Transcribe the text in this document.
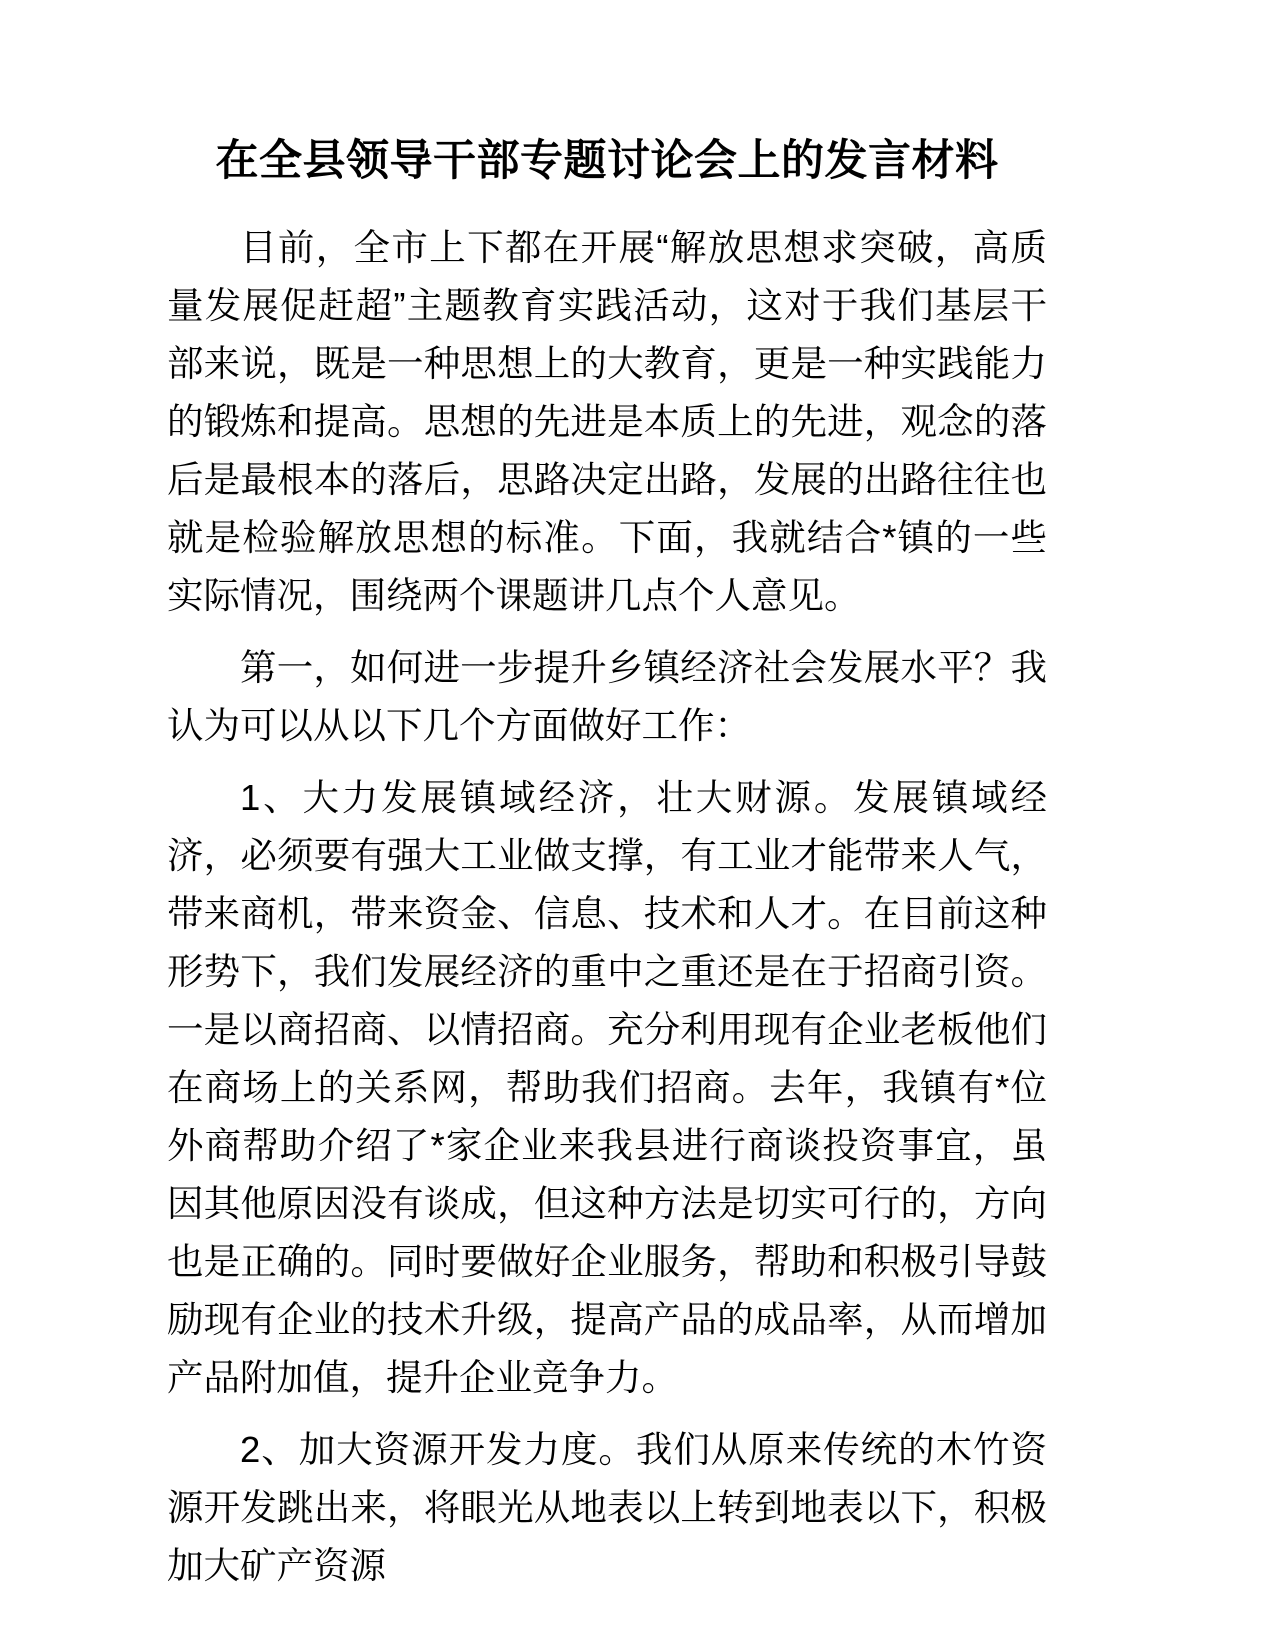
在全县领导干部专题讨论会上的发言材料

目前，全市上下都在开展“解放思想求突破，高质量发展促赶超”主题教育实践活动，这对于我们基层干部来说，既是一种思想上的大教育，更是一种实践能力的锻炼和提高。思想的先进是本质上的先进，观念的落后是最根本的落后，思路决定出路，发展的出路往往也就是检验解放思想的标准。下面，我就结合*镇的一些实际情况，围绕两个课题讲几点个人意见。

第一，如何进一步提升乡镇经济社会发展水平？我认为可以从以下几个方面做好工作：

1、大力发展镇域经济，壮大财源。发展镇域经济，必须要有强大工业做支撑，有工业才能带来人气，带来商机，带来资金、信息、技术和人才。在目前这种形势下，我们发展经济的重中之重还是在于招商引资。一是以商招商、以情招商。充分利用现有企业老板他们在商场上的关系网，帮助我们招商。去年，我镇有*位外商帮助介绍了*家企业来我县进行商谈投资事宜，虽因其他原因没有谈成，但这种方法是切实可行的，方向也是正确的。同时要做好企业服务，帮助和积极引导鼓励现有企业的技术升级，提高产品的成品率，从而增加产品附加值，提升企业竞争力。

2、加大资源开发力度。我们从原来传统的木竹资源开发跳出来，将眼光从地表以上转到地表以下，积极加大矿产资源
